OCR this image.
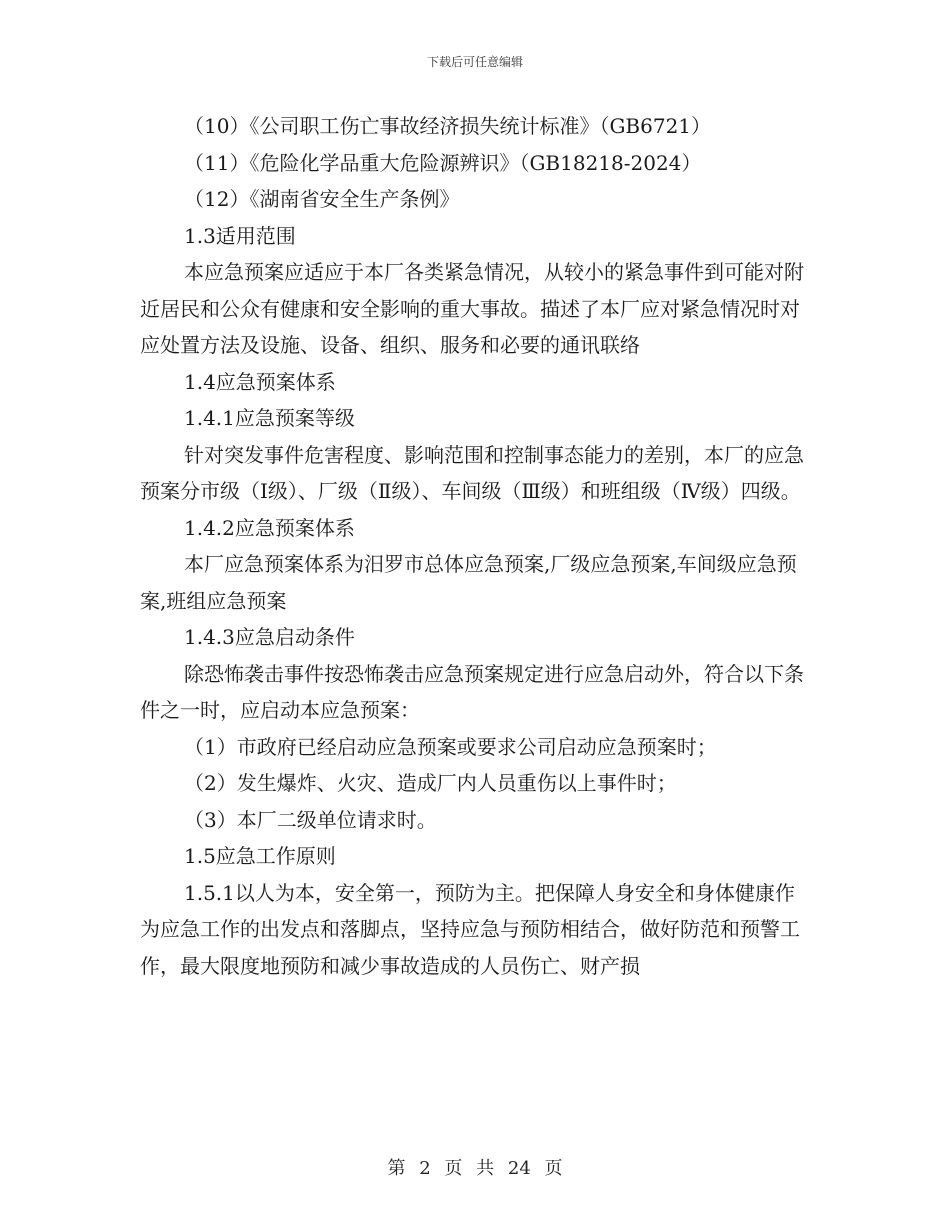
下载后可任意编辑

（10）《公司职工伤亡事故经济损失统计标准》（GB6721）

（11）《危险化学品重大危险源辨识》（GB18218-2024）

（12）《湖南省安全生产条例》

1.3适用范围

本应急预案应适应于本厂各类紧急情况，从较小的紧急事件到可能对附近居民和公众有健康和安全影响的重大事故。描述了本厂应对紧急情况时对应处置方法及设施、设备、组织、服务和必要的通讯联络

1.4应急预案体系

1.4.1应急预案等级

针对突发事件危害程度、影响范围和控制事态能力的差别，本厂的应急预案分市级（Ⅰ级）、厂级（Ⅱ级）、车间级（Ⅲ级）和班组级（Ⅳ级）四级。

1.4.2应急预案体系

本厂应急预案体系为汨罗市总体应急预案,厂级应急预案,车间级应急预案,班组应急预案

1.4.3应急启动条件

除恐怖袭击事件按恐怖袭击应急预案规定进行应急启动外，符合以下条件之一时，应启动本应急预案：

（1）市政府已经启动应急预案或要求公司启动应急预案时；

（2）发生爆炸、火灾、造成厂内人员重伤以上事件时；

（3）本厂二级单位请求时。

1.5应急工作原则

1.5.1以人为本，安全第一，预防为主。把保障人身安全和身体健康作为应急工作的出发点和落脚点，坚持应急与预防相结合，做好防范和预警工作，最大限度地预防和减少事故造成的人员伤亡、财产损

第 2 页 共 24 页
